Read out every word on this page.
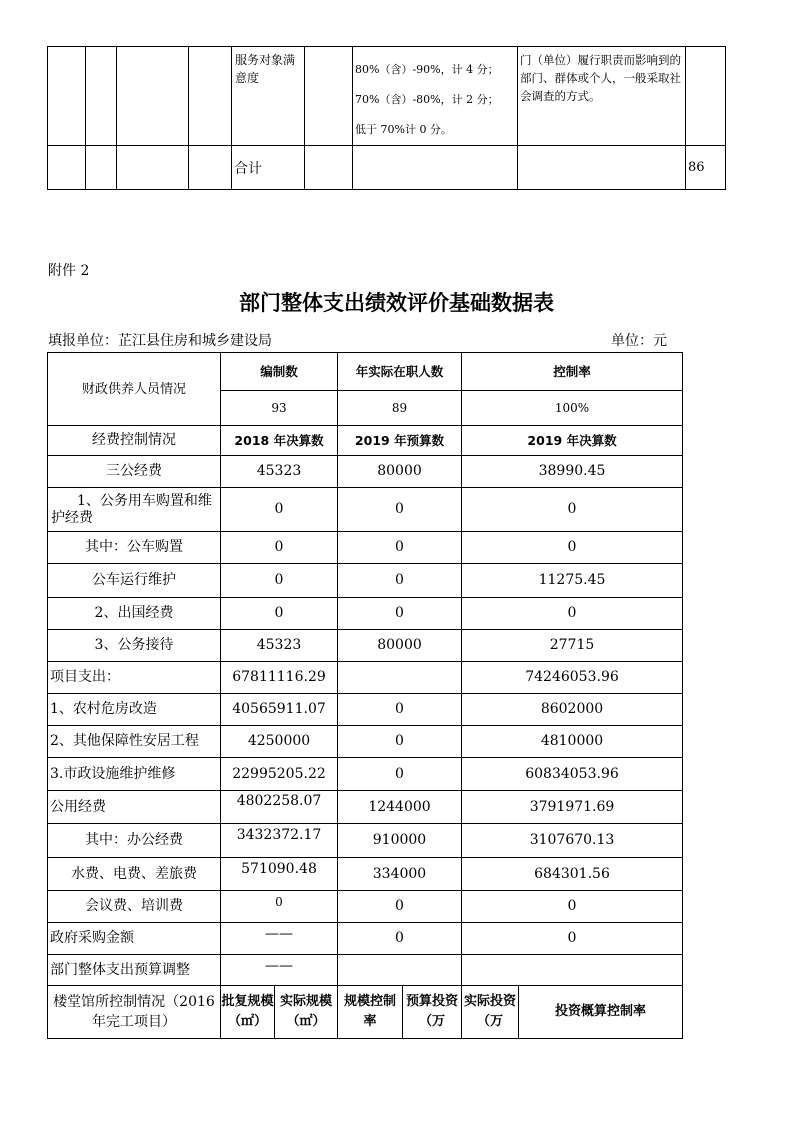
				服务对象满意度		80%（含）-90%，计 4 分；
70%（含）-80%，计 2 分；
低于 70%计 0 分。	门（单位）履行职责而影响到的部门、群体或个人，一般采取社会调查的方式。	
				合计				86
附件 2
部门整体支出绩效评价基础数据表
填报单位：芷江县住房和城乡建设局	单位：元
财政供养人员情况	编制数		年实际在职人数		控制率	
	93		89		100%	
经费控制情况	2018 年决算数		2019 年预算数		2019 年决算数	
三公经费	45323		80000		38990.45	
1、公务用车购置和维护经费	0		0		0	
其中：公车购置	0		0		0	
公车运行维护	0		0		11275.45	
2、出国经费	0		0		0	
3、公务接待	45323		80000		27715	
项目支出：	67811116.29				74246053.96	
1、农村危房改造	40565911.07		0		8602000	
2、其他保障性安居工程	4250000		0		4810000	
3.市政设施维护维修	22995205.22		0		60834053.96	
公用经费	4802258.07		1244000		3791971.69	
其中：办公经费	3432372.17		910000		3107670.13	
水费、电费、差旅费	571090.48		334000		684301.56	
会议费、培训费	0		0		0	
政府采购金额	——		0		0	
部门整体支出预算调整	——					
楼堂馆所控制情况（2016 年完工项目）	批复规模（㎡）	实际规模（㎡）	规模控制率	预算投资（万	实际投资（万	投资概算控制率
